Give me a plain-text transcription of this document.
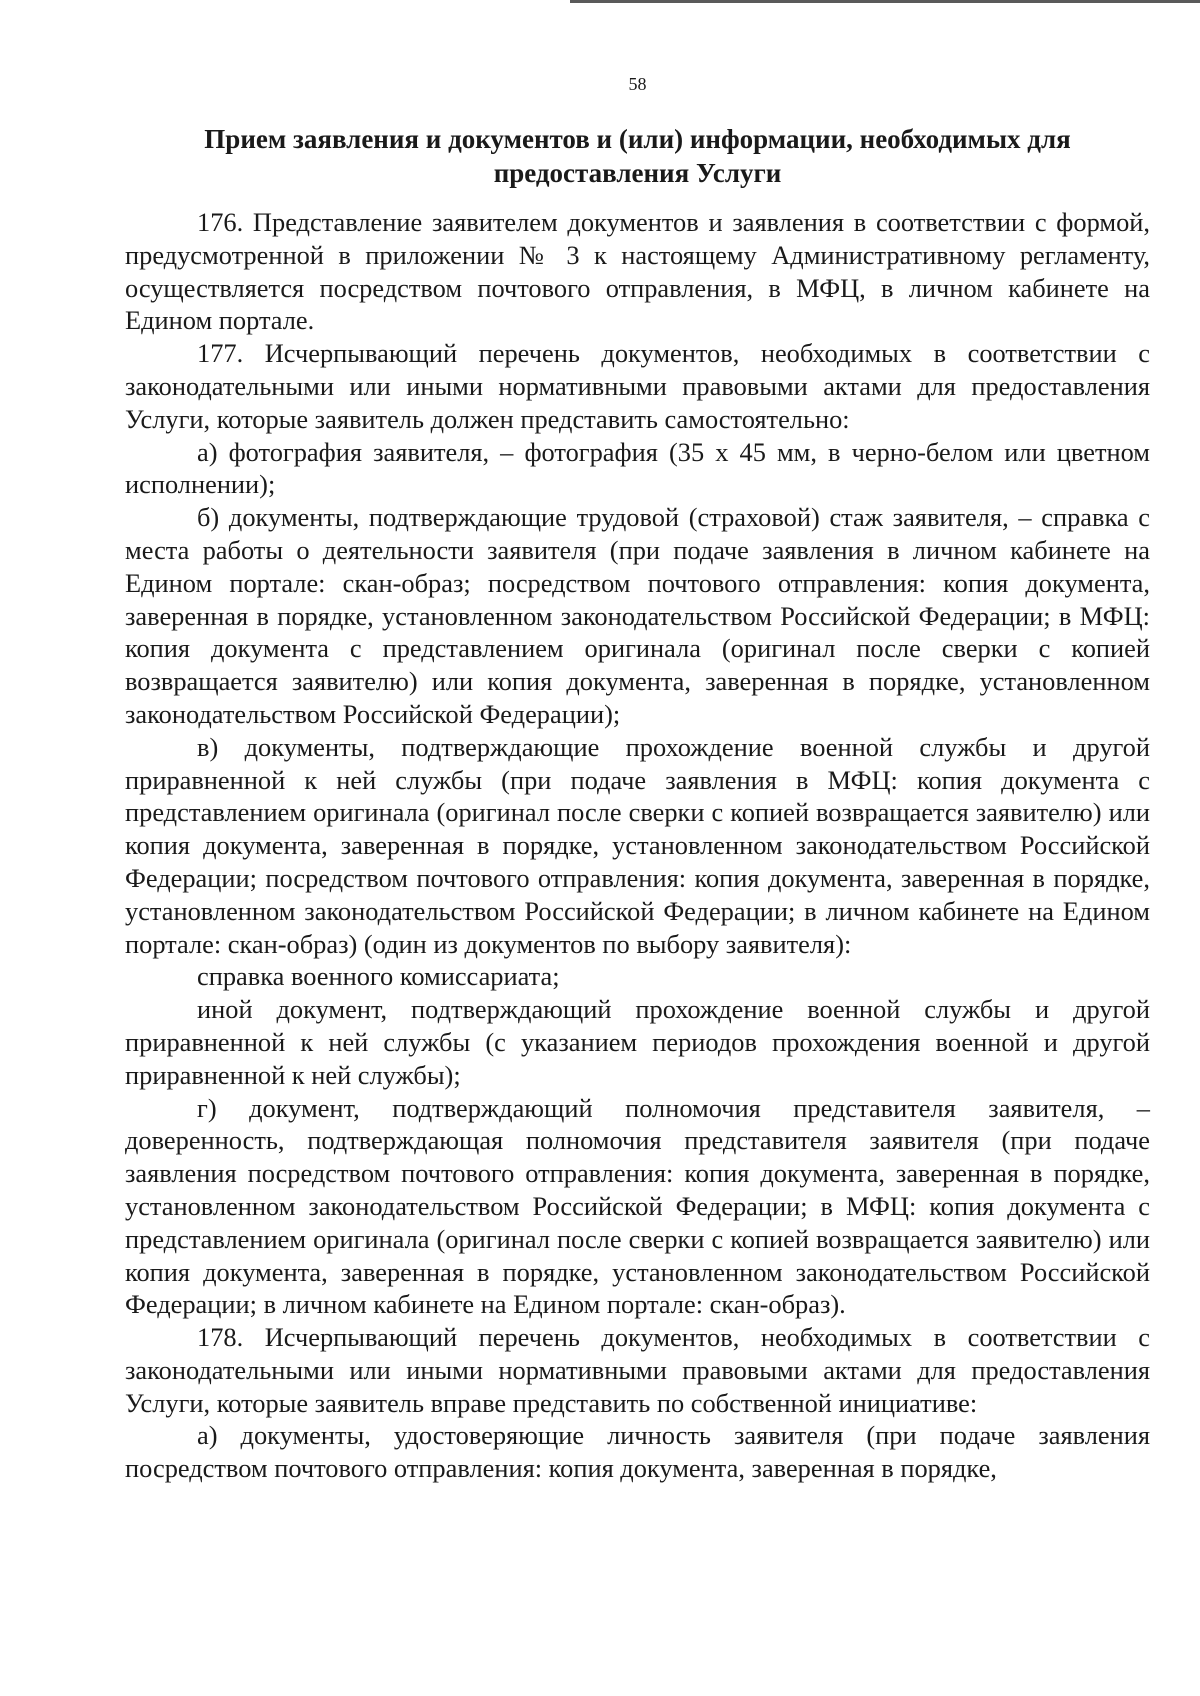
58
Прием заявления и документов и (или) информации, необходимых для предоставления Услуги

176. Представление заявителем документов и заявления в соответствии с формой, предусмотренной в приложении № 3 к настоящему Административному регламенту, осуществляется посредством почтового отправления, в МФЦ, в личном кабинете на Едином портале.

177. Исчерпывающий перечень документов, необходимых в соответствии с законодательными или иными нормативными правовыми актами для предоставления Услуги, которые заявитель должен представить самостоятельно:

а) фотография заявителя, – фотография (35 х 45 мм, в черно-белом или цветном исполнении);

б) документы, подтверждающие трудовой (страховой) стаж заявителя, – справка с места работы о деятельности заявителя (при подаче заявления в личном кабинете на Едином портале: скан-образ; посредством почтового отправления: копия документа, заверенная в порядке, установленном законодательством Российской Федерации; в МФЦ: копия документа с представлением оригинала (оригинал после сверки с копией возвращается заявителю) или копия документа, заверенная в порядке, установленном законодательством Российской Федерации);

в) документы, подтверждающие прохождение военной службы и другой приравненной к ней службы (при подаче заявления в МФЦ: копия документа с представлением оригинала (оригинал после сверки с копией возвращается заявителю) или копия документа, заверенная в порядке, установленном законодательством Российской Федерации; посредством почтового отправления: копия документа, заверенная в порядке, установленном законодательством Российской Федерации; в личном кабинете на Едином портале: скан-образ) (один из документов по выбору заявителя):

справка военного комиссариата;

иной документ, подтверждающий прохождение военной службы и другой приравненной к ней службы (с указанием периодов прохождения военной и другой приравненной к ней службы);

г) документ, подтверждающий полномочия представителя заявителя, – доверенность, подтверждающая полномочия представителя заявителя (при подаче заявления посредством почтового отправления: копия документа, заверенная в порядке, установленном законодательством Российской Федерации; в МФЦ: копия документа с представлением оригинала (оригинал после сверки с копией возвращается заявителю) или копия документа, заверенная в порядке, установленном законодательством Российской Федерации; в личном кабинете на Едином портале: скан-образ).

178. Исчерпывающий перечень документов, необходимых в соответствии с законодательными или иными нормативными правовыми актами для предоставления Услуги, которые заявитель вправе представить по собственной инициативе:

а) документы, удостоверяющие личность заявителя (при подаче заявления посредством почтового отправления: копия документа, заверенная в порядке,
